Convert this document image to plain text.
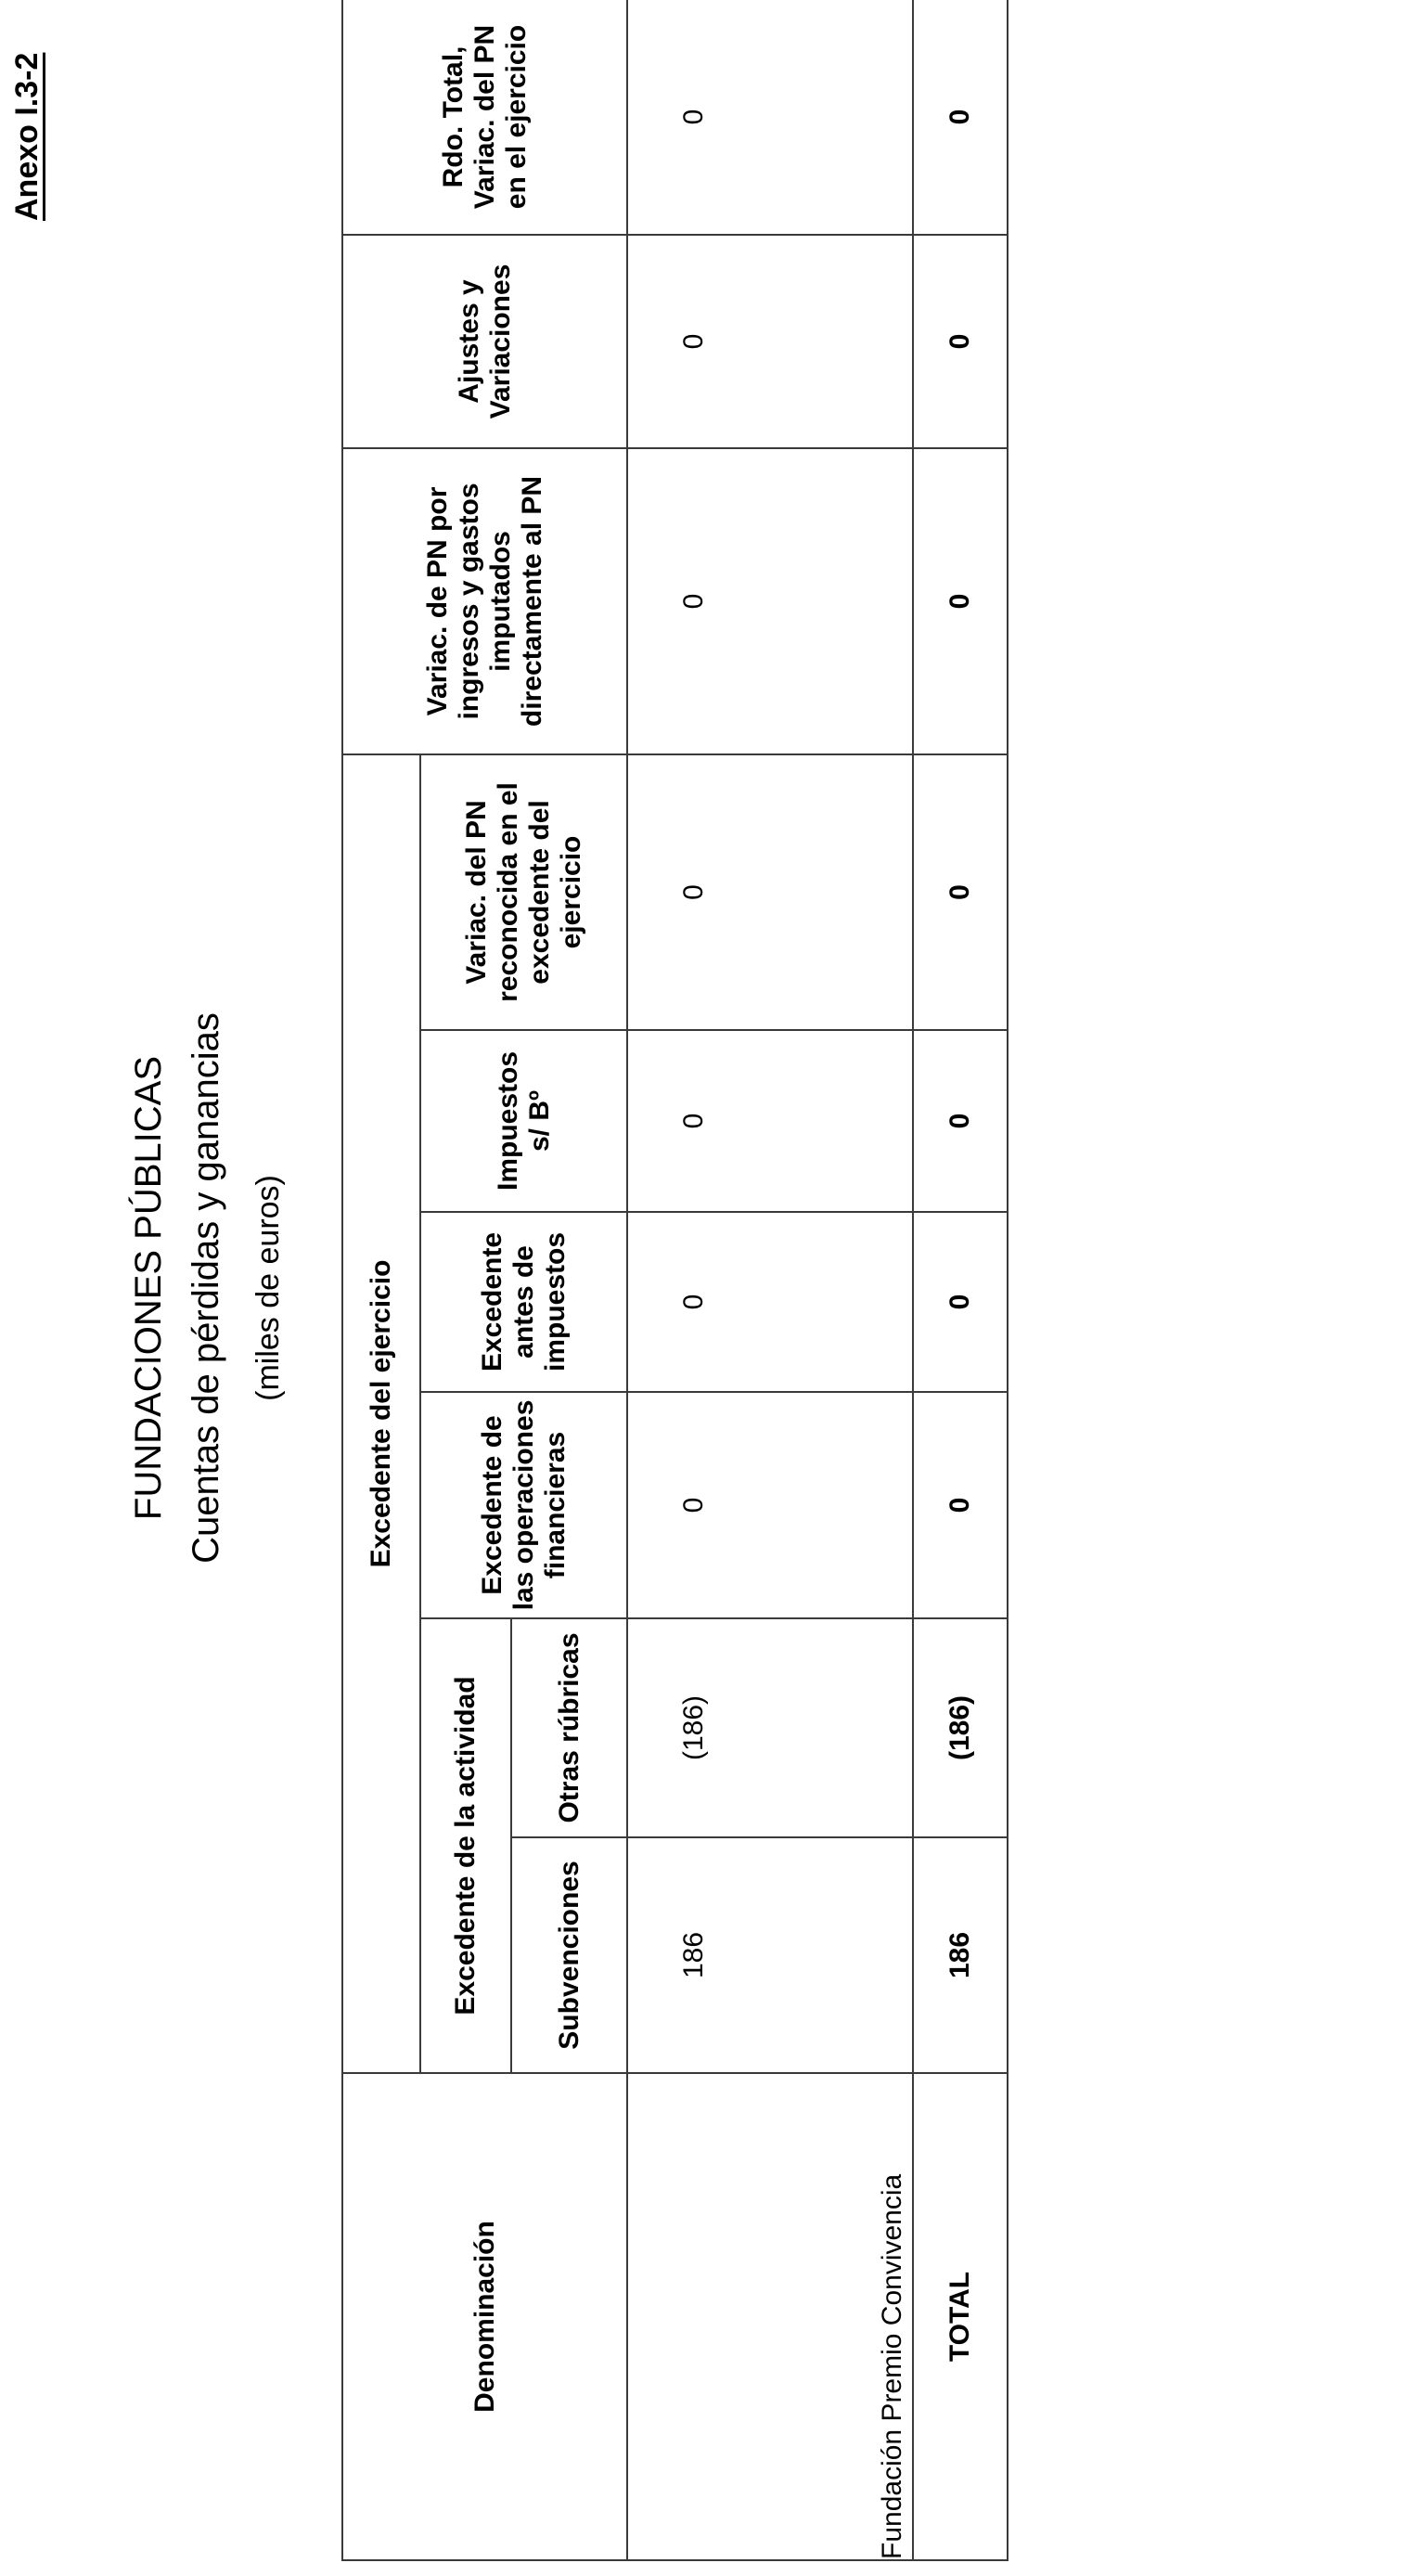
Anexo I.3-2
FUNDACIONES PÚBLICAS Cuentas de pérdidas y ganancias (miles de euros)
Denominación	Excedente del ejercicio						Variac. de PN por ingresos y gastos imputados directamente al PN	Ajustes y Variaciones	Rdo. Total, Variac. del PN en el ejercicio
	Excedente de la actividad		Excedente de las operaciones financieras	Excedente antes de impuestos	Impuestos s/ Bº	Variac. del PN reconocida en el excedente del ejercicio			
	Subvenciones	Otras rúbricas							
Fundación Premio Convivencia	186	(186)	0	0	0	0	0	0	0
TOTAL	186	(186)	0	0	0	0	0	0	0
